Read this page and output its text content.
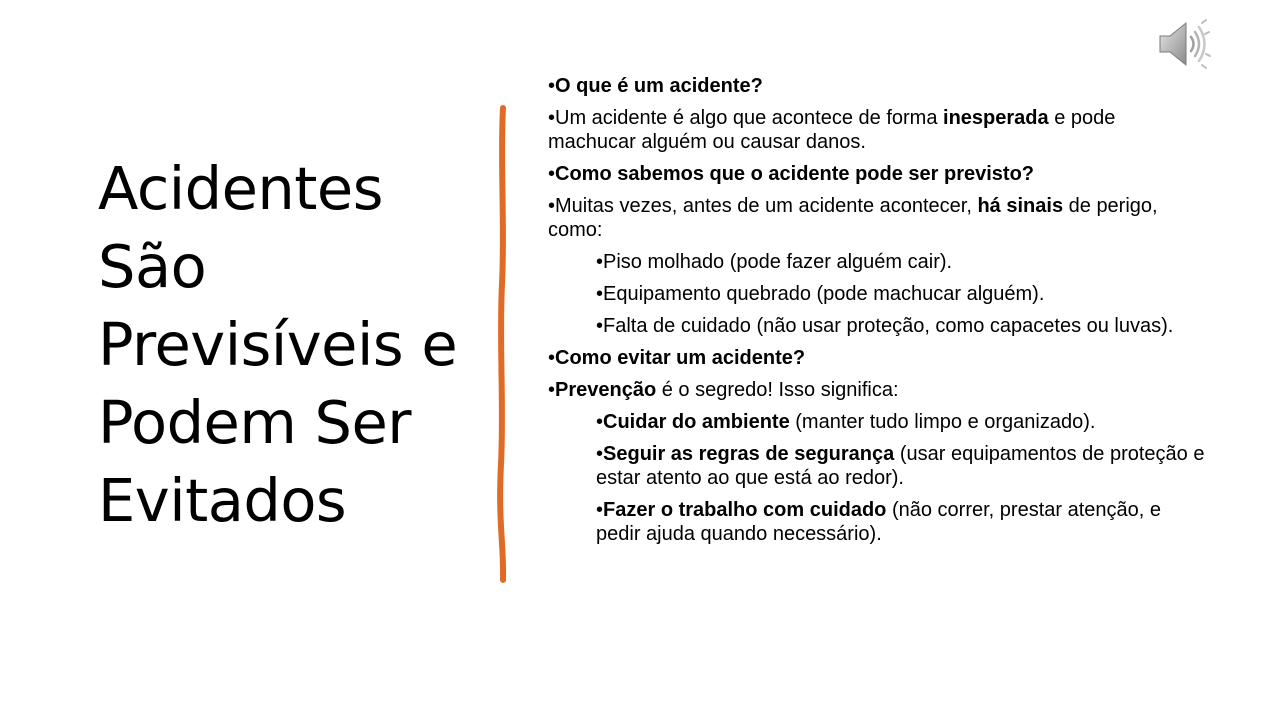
Acidentes
São
Previsíveis e
Podem Ser
Evitados
•O que é um acidente?
•Um acidente é algo que acontece de forma inesperada e pode machucar alguém ou causar danos.
•Como sabemos que o acidente pode ser previsto?
•Muitas vezes, antes de um acidente acontecer, há sinais de perigo, como:
•Piso molhado (pode fazer alguém cair).
•Equipamento quebrado (pode machucar alguém).
•Falta de cuidado (não usar proteção, como capacetes ou luvas).
•Como evitar um acidente?
•Prevenção é o segredo! Isso significa:
•Cuidar do ambiente (manter tudo limpo e organizado).
•Seguir as regras de segurança (usar equipamentos de proteção e estar atento ao que está ao redor).
•Fazer o trabalho com cuidado (não correr, prestar atenção, e pedir ajuda quando necessário).
